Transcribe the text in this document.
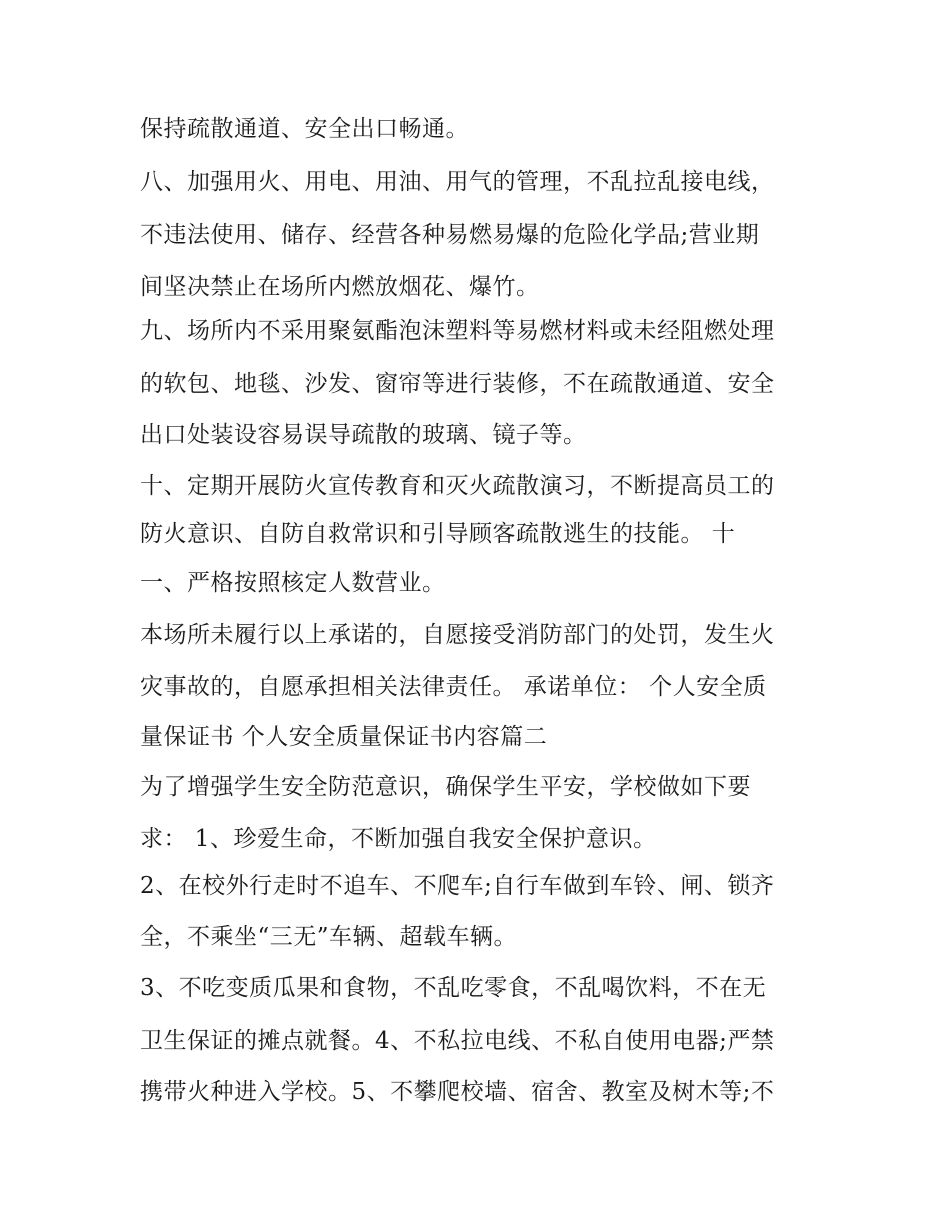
保持疏散通道、安全出口畅通。
八、加强用火、用电、用油、用气的管理，不乱拉乱接电线，
不违法使用、储存、经营各种易燃易爆的危险化学品;营业期
间坚决禁止在场所内燃放烟花、爆竹。
九、场所内不采用聚氨酯泡沫塑料等易燃材料或未经阻燃处理
的软包、地毯、沙发、窗帘等进行装修，不在疏散通道、安全
出口处装设容易误导疏散的玻璃、镜子等。
十、定期开展防火宣传教育和灭火疏散演习，不断提高员工的
防火意识、自防自救常识和引导顾客疏散逃生的技能。 十
一、严格按照核定人数营业。
本场所未履行以上承诺的，自愿接受消防部门的处罚，发生火
灾事故的，自愿承担相关法律责任。 承诺单位： 个人安全质
量保证书 个人安全质量保证书内容篇二
为了增强学生安全防范意识，确保学生平安，学校做如下要
求： 1、珍爱生命，不断加强自我安全保护意识。
2、在校外行走时不追车、不爬车;自行车做到车铃、闸、锁齐
全，不乘坐“三无”车辆、超载车辆。
3、不吃变质瓜果和食物，不乱吃零食，不乱喝饮料，不在无
卫生保证的摊点就餐。4、不私拉电线、不私自使用电器;严禁
携带火种进入学校。5、不攀爬校墙、宿舍、教室及树木等;不
